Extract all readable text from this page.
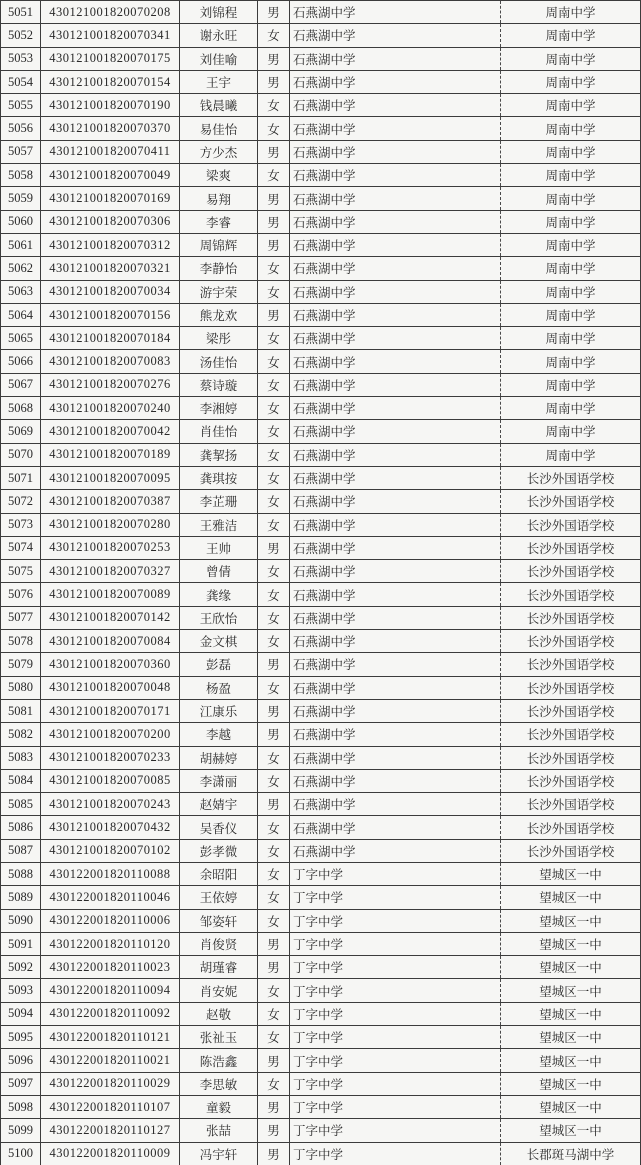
5051	430121001820070208	刘锦程	男	石燕湖中学	周南中学
5052	430121001820070341	谢永旺	女	石燕湖中学	周南中学
5053	430121001820070175	刘佳喻	男	石燕湖中学	周南中学
5054	430121001820070154	王宇	男	石燕湖中学	周南中学
5055	430121001820070190	钱晨曦	女	石燕湖中学	周南中学
5056	430121001820070370	易佳怡	女	石燕湖中学	周南中学
5057	430121001820070411	方少杰	男	石燕湖中学	周南中学
5058	430121001820070049	梁爽	女	石燕湖中学	周南中学
5059	430121001820070169	易翔	男	石燕湖中学	周南中学
5060	430121001820070306	李睿	男	石燕湖中学	周南中学
5061	430121001820070312	周锦辉	男	石燕湖中学	周南中学
5062	430121001820070321	李静怡	女	石燕湖中学	周南中学
5063	430121001820070034	游宇荣	女	石燕湖中学	周南中学
5064	430121001820070156	熊龙欢	男	石燕湖中学	周南中学
5065	430121001820070184	梁彤	女	石燕湖中学	周南中学
5066	430121001820070083	汤佳怡	女	石燕湖中学	周南中学
5067	430121001820070276	蔡诗璇	女	石燕湖中学	周南中学
5068	430121001820070240	李湘婷	女	石燕湖中学	周南中学
5069	430121001820070042	肖佳怡	女	石燕湖中学	周南中学
5070	430121001820070189	龚挈扬	女	石燕湖中学	周南中学
5071	430121001820070095	龚琪按	女	石燕湖中学	长沙外国语学校
5072	430121001820070387	李芷珊	女	石燕湖中学	长沙外国语学校
5073	430121001820070280	王雅洁	女	石燕湖中学	长沙外国语学校
5074	430121001820070253	王帅	男	石燕湖中学	长沙外国语学校
5075	430121001820070327	曾倩	女	石燕湖中学	长沙外国语学校
5076	430121001820070089	龚缘	女	石燕湖中学	长沙外国语学校
5077	430121001820070142	王欣怡	女	石燕湖中学	长沙外国语学校
5078	430121001820070084	金文棋	女	石燕湖中学	长沙外国语学校
5079	430121001820070360	彭磊	男	石燕湖中学	长沙外国语学校
5080	430121001820070048	杨盈	女	石燕湖中学	长沙外国语学校
5081	430121001820070171	江康乐	男	石燕湖中学	长沙外国语学校
5082	430121001820070200	李越	男	石燕湖中学	长沙外国语学校
5083	430121001820070233	胡赫婷	女	石燕湖中学	长沙外国语学校
5084	430121001820070085	李潇丽	女	石燕湖中学	长沙外国语学校
5085	430121001820070243	赵婧宇	男	石燕湖中学	长沙外国语学校
5086	430121001820070432	吴香仪	女	石燕湖中学	长沙外国语学校
5087	430121001820070102	彭孝微	女	石燕湖中学	长沙外国语学校
5088	430122001820110088	余昭阳	女	丁字中学	望城区一中
5089	430122001820110046	王依婷	女	丁字中学	望城区一中
5090	430122001820110006	邹姿轩	女	丁字中学	望城区一中
5091	430122001820110120	肖俊贤	男	丁字中学	望城区一中
5092	430122001820110023	胡瑾睿	男	丁字中学	望城区一中
5093	430122001820110094	肖安妮	女	丁字中学	望城区一中
5094	430122001820110092	赵敬	女	丁字中学	望城区一中
5095	430122001820110121	张祉玉	女	丁字中学	望城区一中
5096	430122001820110021	陈浩鑫	男	丁字中学	望城区一中
5097	430122001820110029	李思敏	女	丁字中学	望城区一中
5098	430122001820110107	童毅	男	丁字中学	望城区一中
5099	430122001820110127	张喆	男	丁字中学	望城区一中
5100	430122001820110009	冯宇轩	男	丁字中学	长郡斑马湖中学
